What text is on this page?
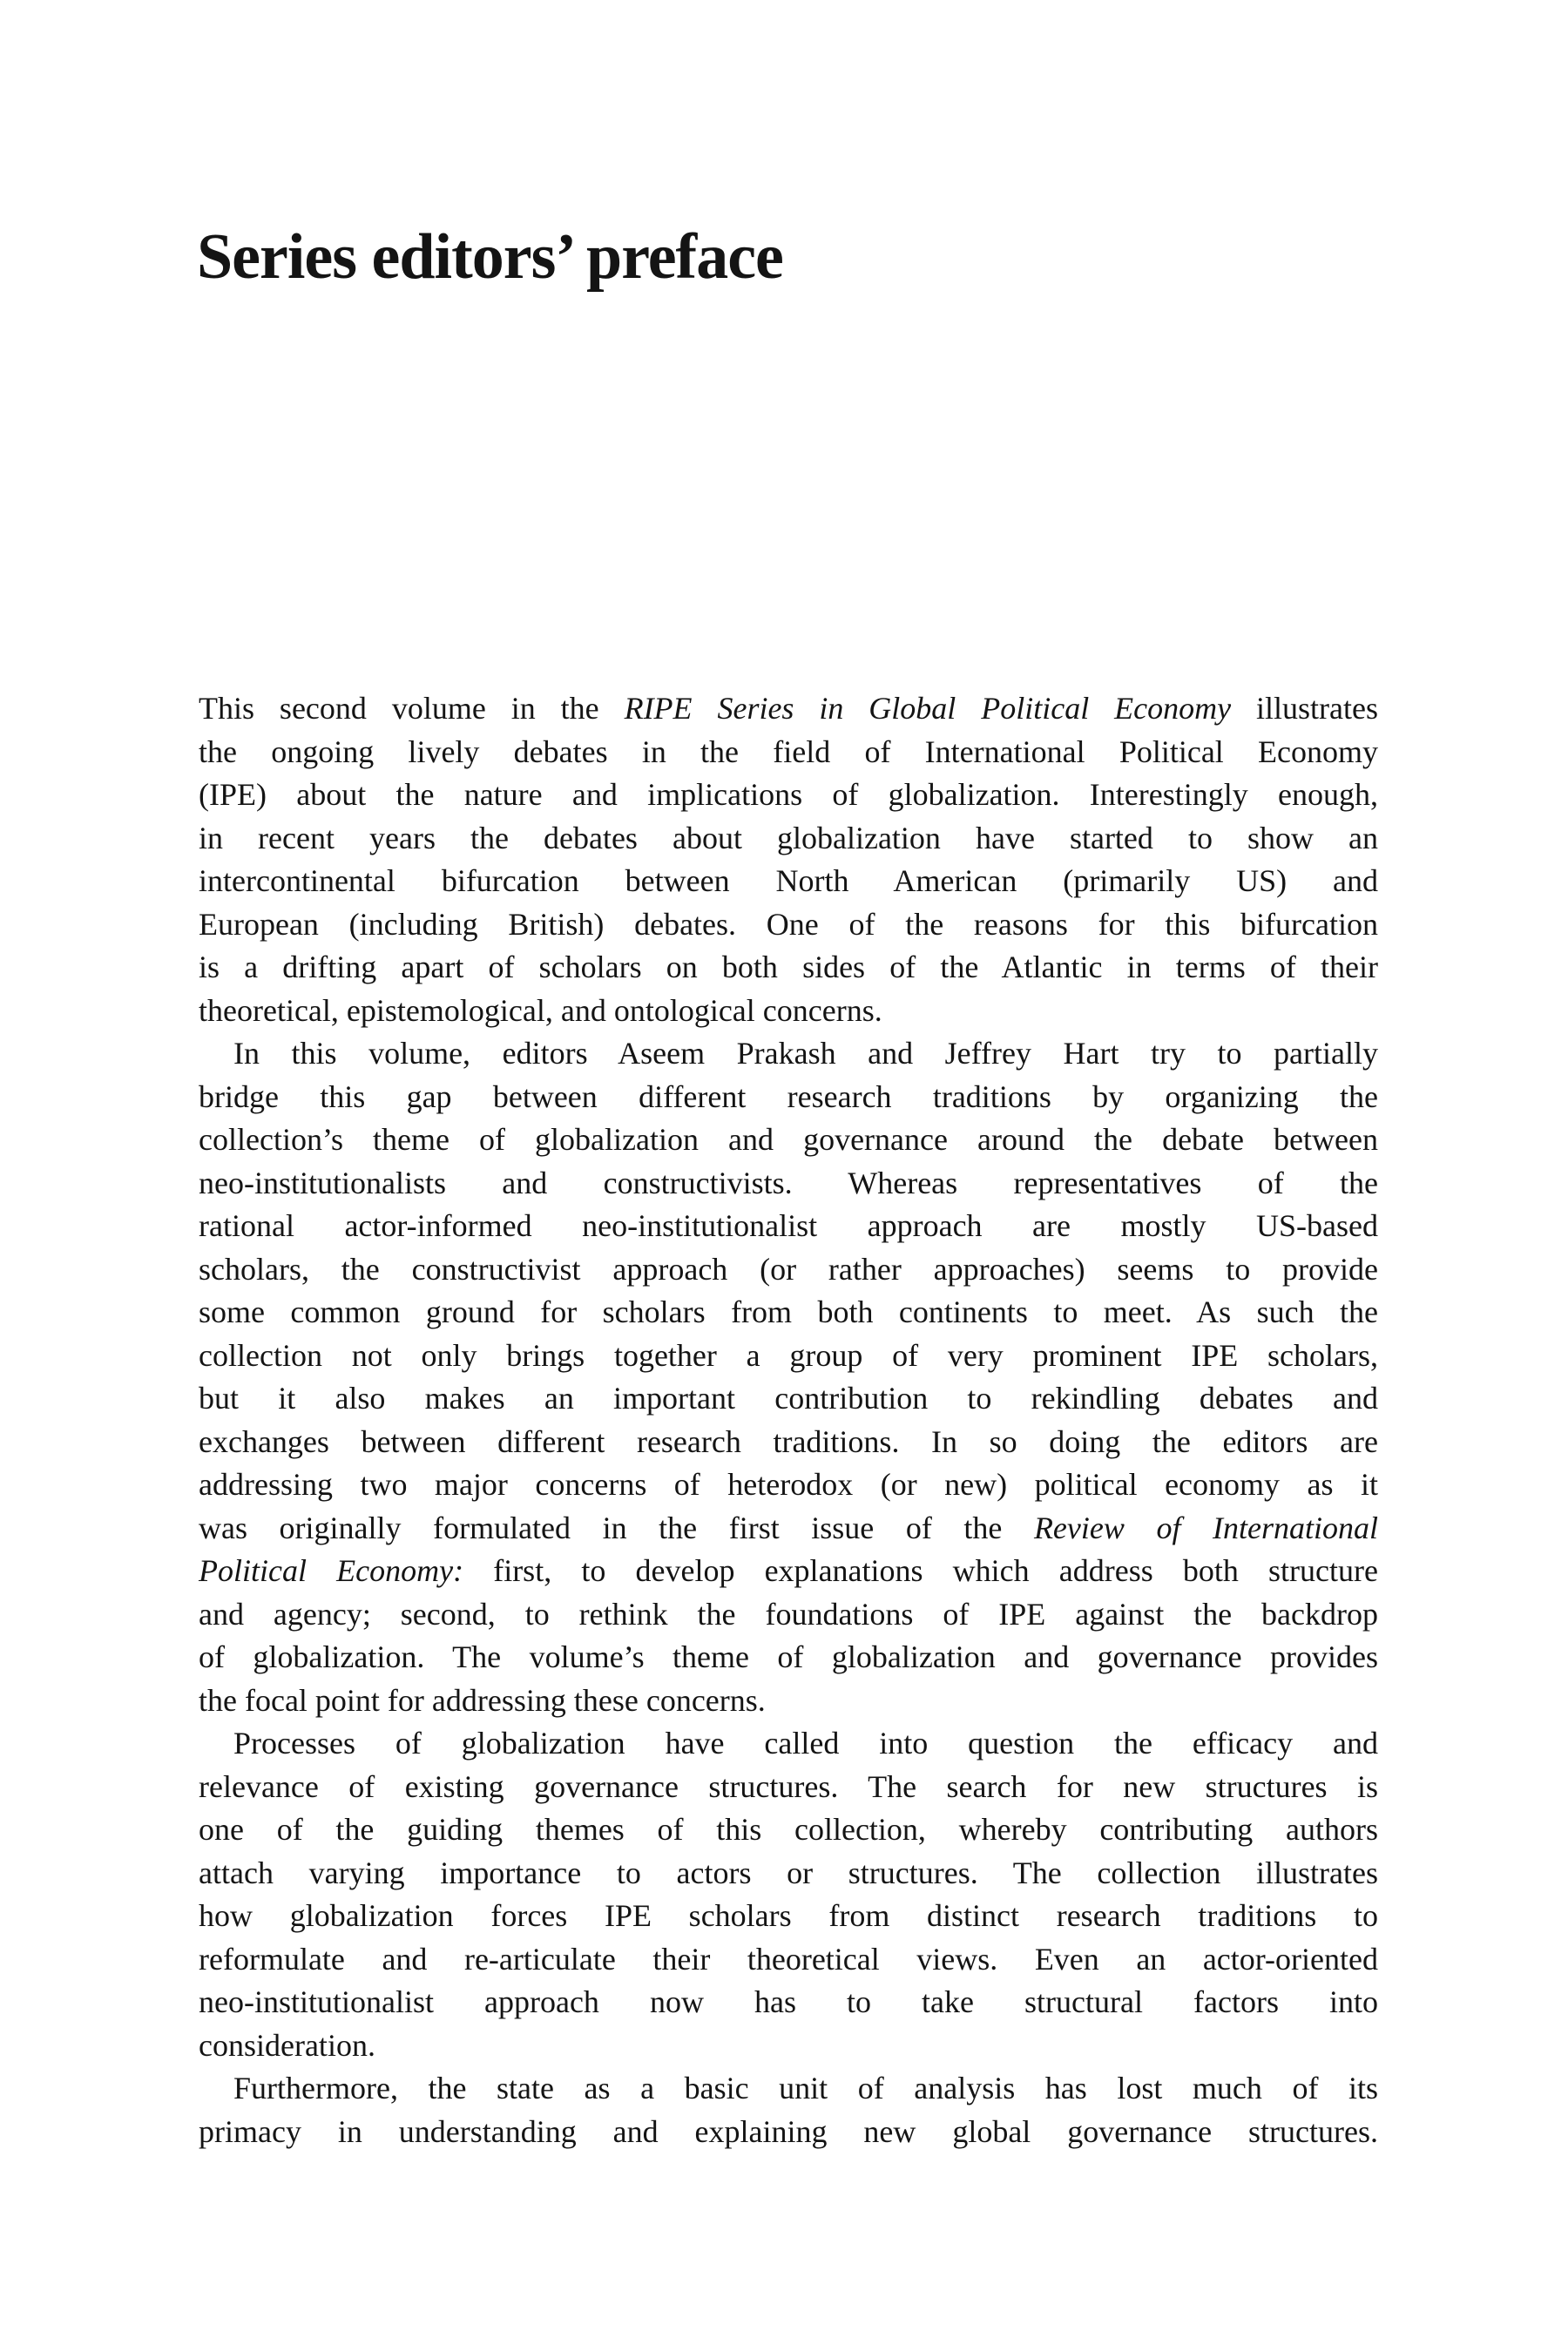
Series editors’ preface
This second volume in the RIPE Series in Global Political Economy illustrates
the ongoing lively debates in the field of International Political Economy
(IPE) about the nature and implications of globalization. Interestingly enough,
in recent years the debates about globalization have started to show an
intercontinental bifurcation between North American (primarily US) and
European (including British) debates. One of the reasons for this bifurcation
is a drifting apart of scholars on both sides of the Atlantic in terms of their
theoretical, epistemological, and ontological concerns.
In this volume, editors Aseem Prakash and Jeffrey Hart try to partially
bridge this gap between different research traditions by organizing the
collection’s theme of globalization and governance around the debate between
neo-institutionalists and constructivists. Whereas representatives of the
rational actor-informed neo-institutionalist approach are mostly US-based
scholars, the constructivist approach (or rather approaches) seems to provide
some common ground for scholars from both continents to meet. As such the
collection not only brings together a group of very prominent IPE scholars,
but it also makes an important contribution to rekindling debates and
exchanges between different research traditions. In so doing the editors are
addressing two major concerns of heterodox (or new) political economy as it
was originally formulated in the first issue of the Review of International
Political Economy: first, to develop explanations which address both structure
and agency; second, to rethink the foundations of IPE against the backdrop
of globalization. The volume’s theme of globalization and governance provides
the focal point for addressing these concerns.
Processes of globalization have called into question the efficacy and
relevance of existing governance structures. The search for new structures is
one of the guiding themes of this collection, whereby contributing authors
attach varying importance to actors or structures. The collection illustrates
how globalization forces IPE scholars from distinct research traditions to
reformulate and re-articulate their theoretical views. Even an actor-oriented
neo-institutionalist approach now has to take structural factors into
consideration.
Furthermore, the state as a basic unit of analysis has lost much of its
primacy in understanding and explaining new global governance structures.
